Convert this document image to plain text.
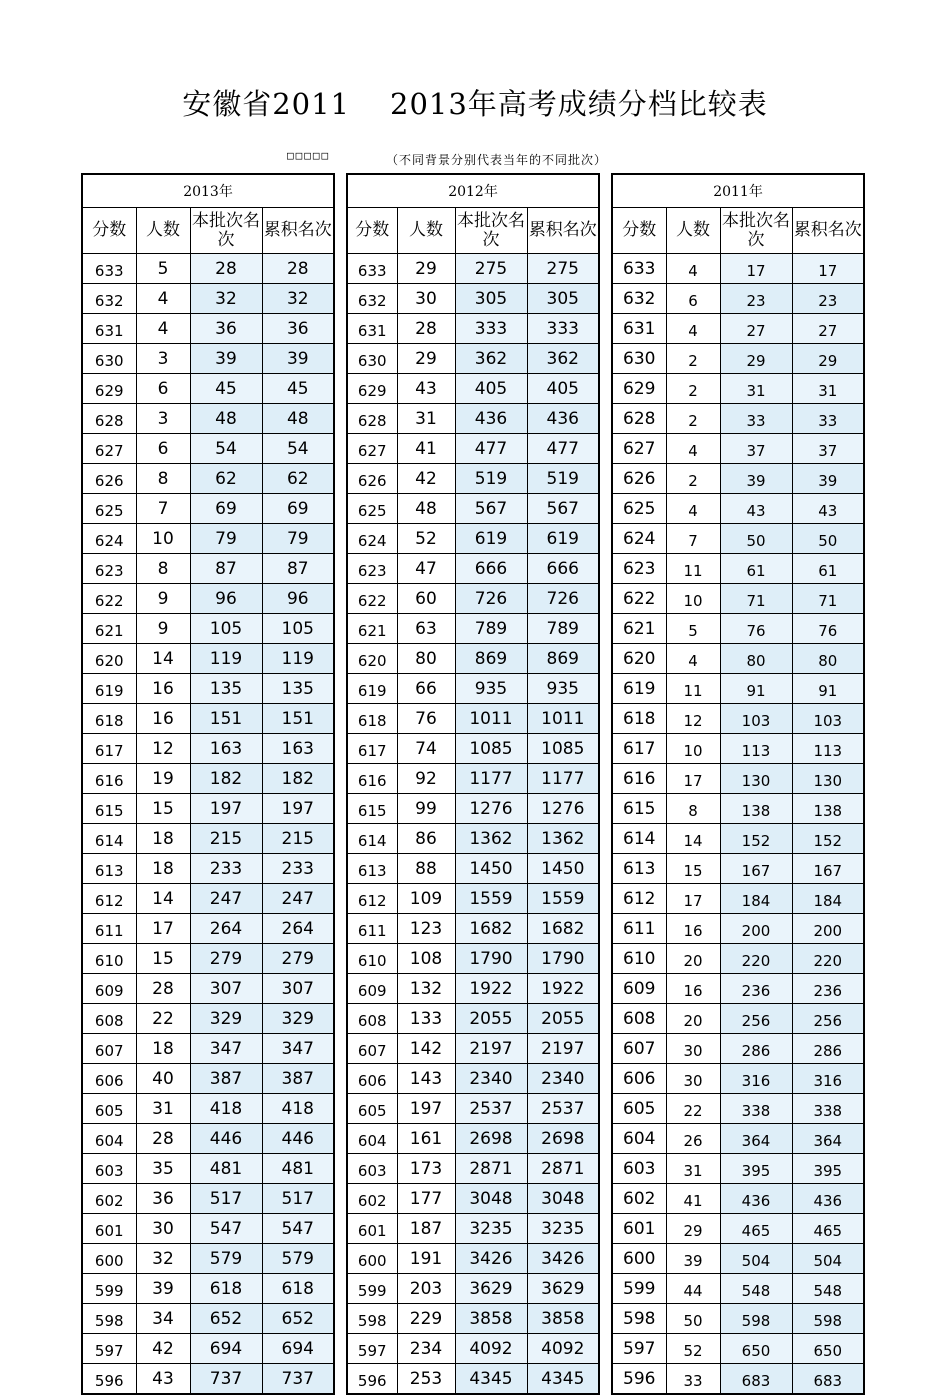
安徽省2011 2013年高考成绩分档比较表
□□□□□	（不同背景分别代表当年的不同批次）
2013年			
分数	人数	本批次名次	累积名次
633	5	28	28
632	4	32	32
631	4	36	36
630	3	39	39
629	6	45	45
628	3	48	48
627	6	54	54
626	8	62	62
625	7	69	69
624	10	79	79
623	8	87	87
622	9	96	96
621	9	105	105
620	14	119	119
619	16	135	135
618	16	151	151
617	12	163	163
616	19	182	182
615	15	197	197
614	18	215	215
613	18	233	233
612	14	247	247
611	17	264	264
610	15	279	279
609	28	307	307
608	22	329	329
607	18	347	347
606	40	387	387
605	31	418	418
604	28	446	446
603	35	481	481
602	36	517	517
601	30	547	547
600	32	579	579
599	39	618	618
598	34	652	652
597	42	694	694
596	43	737	737
2012年			
分数	人数	本批次名次	累积名次
633	29	275	275
632	30	305	305
631	28	333	333
630	29	362	362
629	43	405	405
628	31	436	436
627	41	477	477
626	42	519	519
625	48	567	567
624	52	619	619
623	47	666	666
622	60	726	726
621	63	789	789
620	80	869	869
619	66	935	935
618	76	1011	1011
617	74	1085	1085
616	92	1177	1177
615	99	1276	1276
614	86	1362	1362
613	88	1450	1450
612	109	1559	1559
611	123	1682	1682
610	108	1790	1790
609	132	1922	1922
608	133	2055	2055
607	142	2197	2197
606	143	2340	2340
605	197	2537	2537
604	161	2698	2698
603	173	2871	2871
602	177	3048	3048
601	187	3235	3235
600	191	3426	3426
599	203	3629	3629
598	229	3858	3858
597	234	4092	4092
596	253	4345	4345
2011年			
分数	人数	本批次名次	累积名次
633	4	17	17
632	6	23	23
631	4	27	27
630	2	29	29
629	2	31	31
628	2	33	33
627	4	37	37
626	2	39	39
625	4	43	43
624	7	50	50
623	11	61	61
622	10	71	71
621	5	76	76
620	4	80	80
619	11	91	91
618	12	103	103
617	10	113	113
616	17	130	130
615	8	138	138
614	14	152	152
613	15	167	167
612	17	184	184
611	16	200	200
610	20	220	220
609	16	236	236
608	20	256	256
607	30	286	286
606	30	316	316
605	22	338	338
604	26	364	364
603	31	395	395
602	41	436	436
601	29	465	465
600	39	504	504
599	44	548	548
598	50	598	598
597	52	650	650
596	33	683	683
